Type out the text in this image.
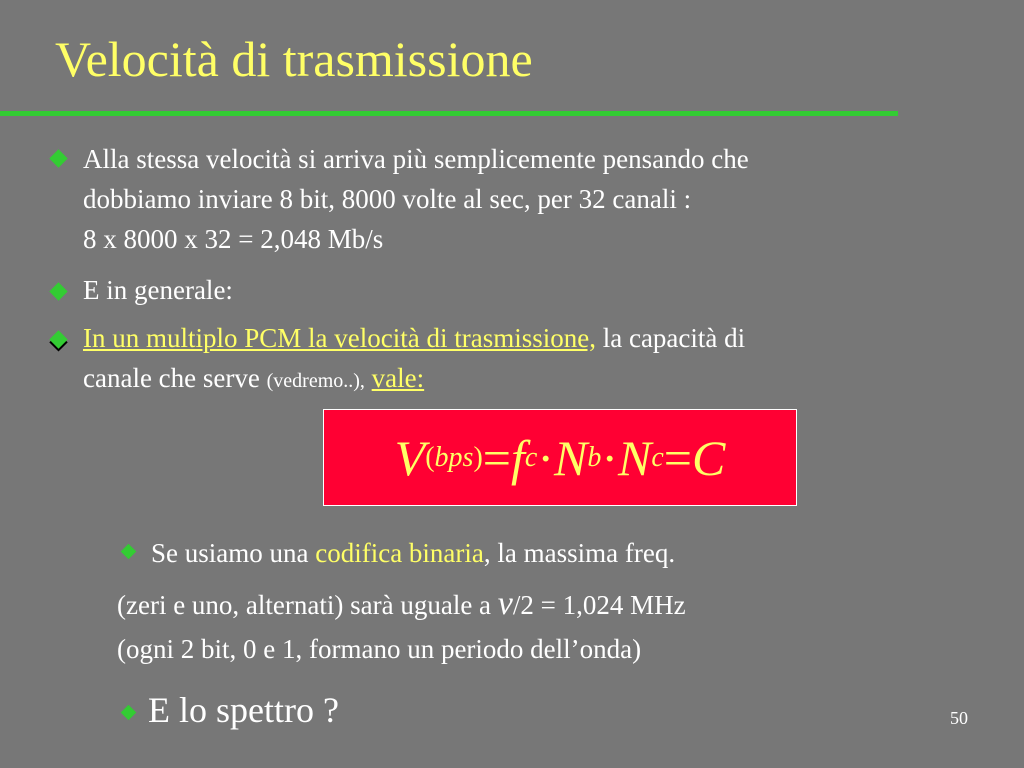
Velocità di trasmissione
Alla stessa velocità si arriva più semplicemente pensando che
dobbiamo inviare 8 bit, 8000 volte al sec, per 32 canali :
8 x 8000 x 32 = 2,048 Mb/s
E in generale:
In un multiplo PCM la velocità di trasmissione, la capacità di
canale che serve (vedremo..), vale:
V (bps) = f c · N b · N c = C
Se usiamo una codifica binaria, la massima freq.
(zeri e uno, alternati) sarà uguale a ν/2 = 1,024 MHz
(ogni 2 bit, 0 e 1, formano un periodo dell’onda)
E lo spettro ?	50
